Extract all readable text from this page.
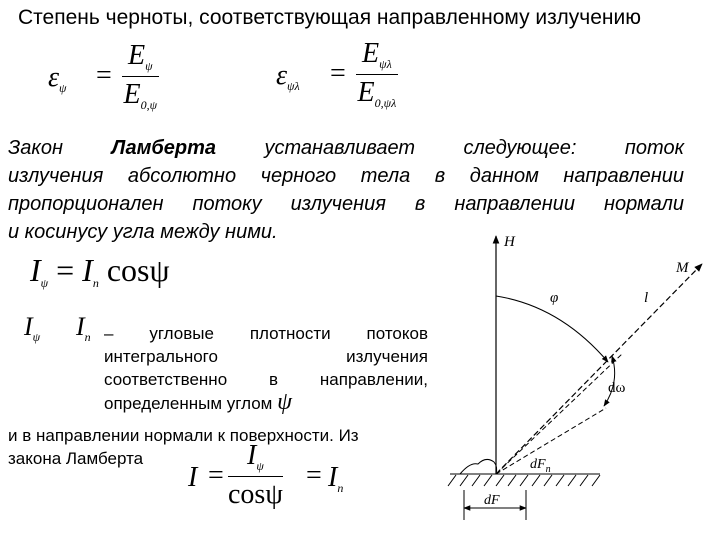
Степень черноты, соответствующая направленному излучению
$\varepsilon_\psi = \frac{E_\psi}{E_{0,\psi}}$	$\varepsilon_{\psi\lambda}$ =
$E_{\psi\lambda}$
$E_{0,\psi\lambda}$
Закон Ламберта устанавливает следующее: поток
излучения абсолютно черного тела в данном направлении
пропорционален потоку излучения в направлении нормали
и косинусу угла между ними.
$I_\psi = I_n$ cosψ
$I_\psi$ $I_n$ – угловые плотности потоков
интегрального излучения
соответственно в направлении,
определенным углом ψ
и в направлении нормали к поверхности. Из
закона Ламберта
$I = \frac{I_\psi}{\cos\psi} = I_n$
H
M
l
dω
φ
$dF_n$
dF
